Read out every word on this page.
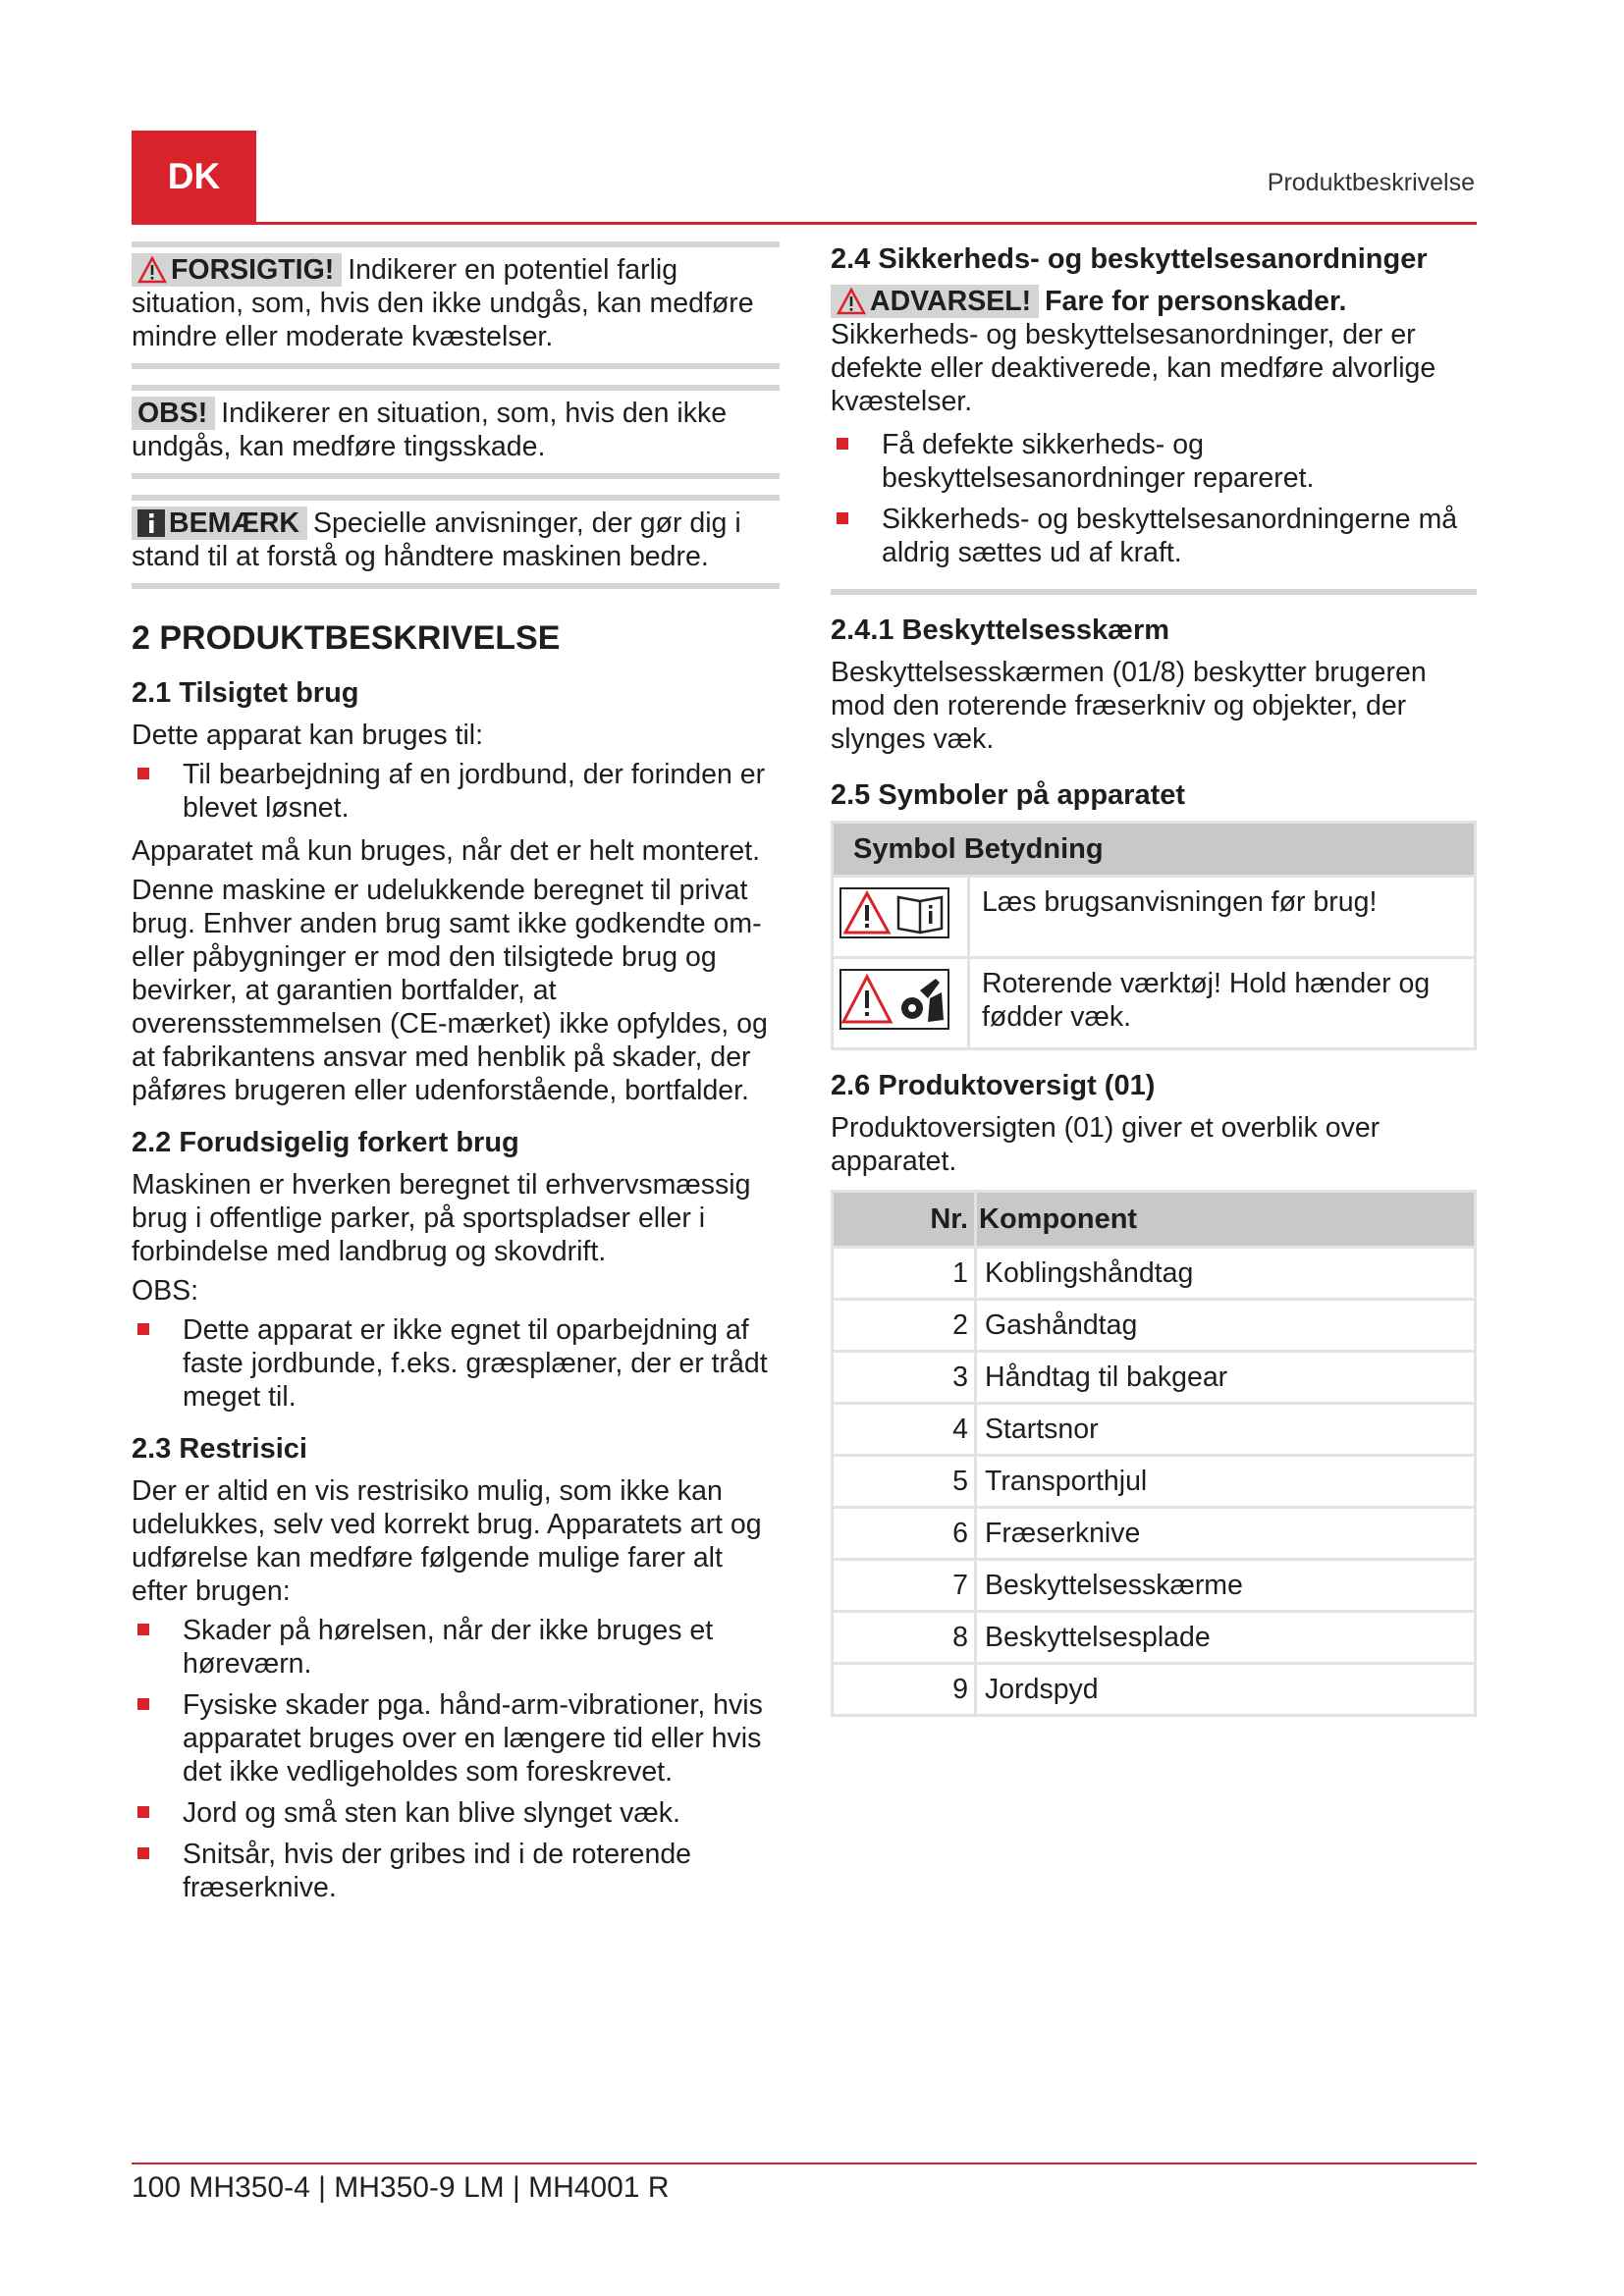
DK	Produktbeskrivelse
FORSIGTIG! Indikerer en potentiel farlig situation, som, hvis den ikke undgås, kan medføre mindre eller moderate kvæstelser.
OBS! Indikerer en situation, som, hvis den ikke undgås, kan medføre tingsskade.
BEMÆRK Specielle anvisninger, der gør dig i stand til at forstå og håndtere maskinen bedre.
2 PRODUKTBESKRIVELSE
2.1 Tilsigtet brug

Dette apparat kan bruges til:

Til bearbejdning af en jordbund, der forinden er blevet løsnet.

Apparatet må kun bruges, når det er helt monteret.

Denne maskine er udelukkende beregnet til privat brug. Enhver anden brug samt ikke godkendte om- eller påbygninger er mod den tilsigtede brug og bevirker, at garantien bortfalder, at overensstemmelsen (CE-mærket) ikke opfyldes, og at fabrikantens ansvar med henblik på skader, der påføres brugeren eller udenforstående, bortfalder.

2.2 Forudsigelig forkert brug

Maskinen er hverken beregnet til erhvervsmæssig brug i offentlige parker, på sportspladser eller i forbindelse med landbrug og skovdrift.

OBS:

Dette apparat er ikke egnet til oparbejdning af faste jordbunde, f.eks. græsplæner, der er trådt meget til.
2.3 Restrisici

Der er altid en vis restrisiko mulig, som ikke kan udelukkes, selv ved korrekt brug. Apparatets art og udførelse kan medføre følgende mulige farer alt efter brugen:

Skader på hørelsen, når der ikke bruges et høreværn.
Fysiske skader pga. hånd-arm-vibrationer, hvis apparatet bruges over en længere tid eller hvis det ikke vedligeholdes som foreskrevet.
Jord og små sten kan blive slynget væk.
Snitsår, hvis der gribes ind i de roterende fræserknive.
2.4 Sikkerheds- og beskyttelsesanordninger
ADVARSEL! Fare for personskader. Sikkerheds- og beskyttelsesanordninger, der er defekte eller deaktiverede, kan medføre alvorlige kvæstelser.
Få defekte sikkerheds- og beskyttelsesanordninger repareret.
Sikkerheds- og beskyttelsesanordningerne må aldrig sættes ud af kraft.
2.4.1 Beskyttelsesskærm

Beskyttelsesskærmen (01/8) beskytter brugeren mod den roterende fræserkniv og objekter, der slynges væk.

2.5 Symboler på apparatet
Symbol Betydning	
	Læs brugsanvisningen før brug!
	Roterende værktøj! Hold hænder og fødder væk.
2.6 Produktoversigt (01)

Produktoversigten (01) giver et overblik over apparatet.

Nr.	Komponent
1	Koblingshåndtag
2	Gashåndtag
3	Håndtag til bakgear
4	Startsnor
5	Transporthjul
6	Fræserknive
7	Beskyttelsesskærme
8	Beskyttelsesplade
9	Jordspyd
100 MH350-4 | MH350-9 LM | MH4001 R
